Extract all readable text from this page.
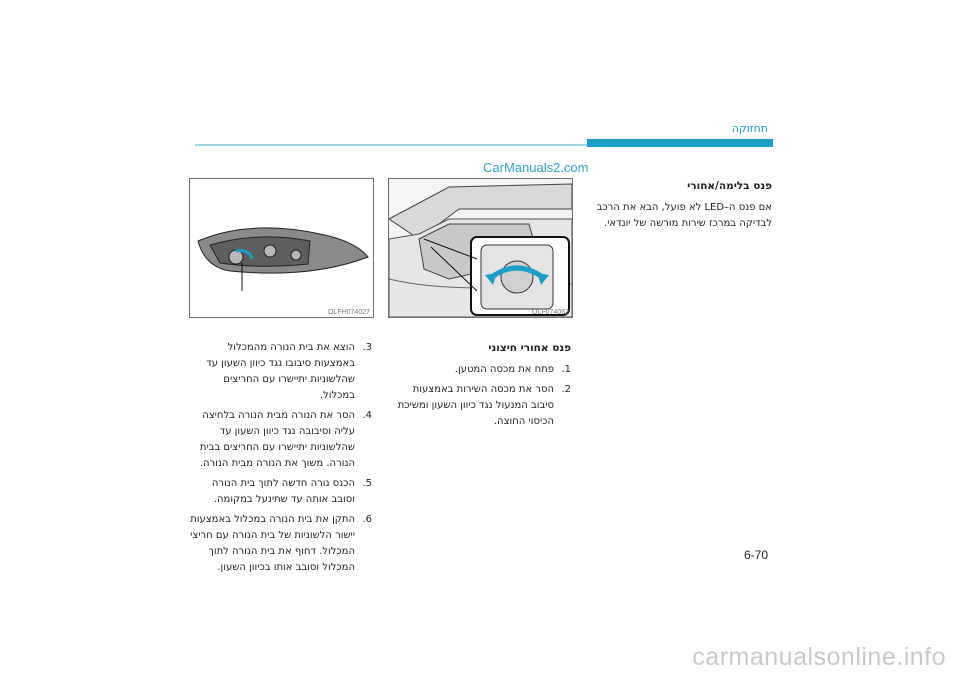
תחזוקה
CarManuals2.com
פנס בלימה/אחורי

אם פנס ה–LED לא פועל, הבא את הרכב לבדיקה במרכז שירות מורשה של יונדאי.

OLF074062
פנס אחורי חיצוני
1.
פתח את מכסה המטען.
2.
הסר את מכסה השירות באמצעות סיבוב המנעול נגד כיוון השעון ומשיכת הכיסוי החוצה.
OLFH074027
3.
הוצא את בית הנורה מהמכלול באמצעות סיבובו נגד כיוון השעון עד שהלשוניות יתיישרו עם החריצים במכלול.
4.
הסר את הנורה מבית הנורה בלחיצה עליה וסיבובה נגד כיוון השעון עד שהלשוניות יתיישרו עם החריצים בבית הנורה. משוך את הנורה מבית הנורה.
5.
הכנס נורה חדשה לתוך בית הנורה וסובב אותה עד שתינעל במקומה.
6.
התקן את בית הנורה במכלול באמצעות יישור הלשוניות של בית הנורה עם חריצי המכלול. דחוף את בית הנורה לתוך המכלול וסובב אותו בכיוון השעון.
6-70
carmanualsonline.info
